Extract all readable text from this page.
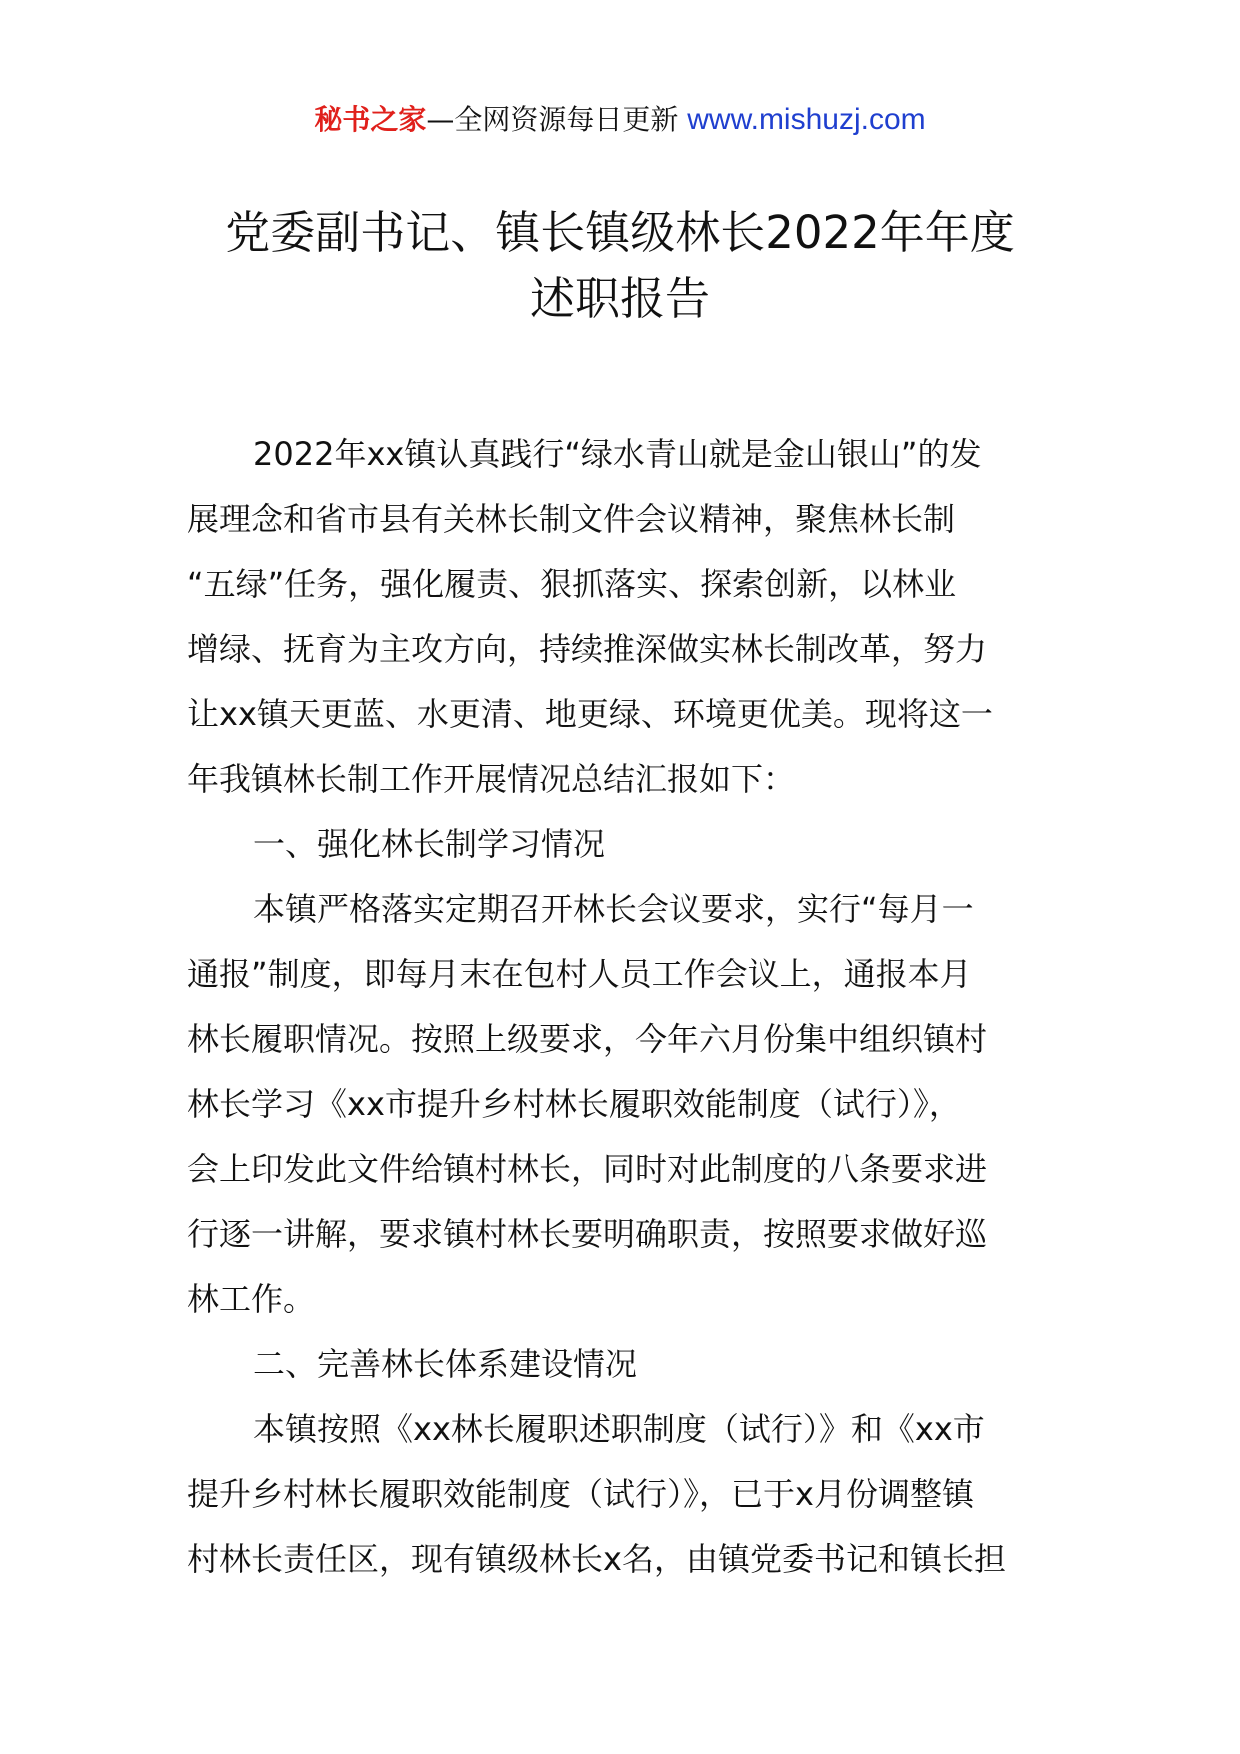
秘书之家—全网资源每日更新 www.mishuzj.com
党委副书记、镇长镇级林长2022年年度
述职报告
2022年xx镇认真践行“绿水青山就是金山银山”的发
展理念和省市县有关林长制文件会议精神，聚焦林长制
“五绿”任务，强化履责、狠抓落实、探索创新，以林业
增绿、抚育为主攻方向，持续推深做实林长制改革，努力
让xx镇天更蓝、水更清、地更绿、环境更优美。现将这一
年我镇林长制工作开展情况总结汇报如下：
一、强化林长制学习情况
本镇严格落实定期召开林长会议要求，实行“每月一
通报”制度，即每月末在包村人员工作会议上，通报本月
林长履职情况。按照上级要求，今年六月份集中组织镇村
林长学习《xx市提升乡村林长履职效能制度（试行）》，
会上印发此文件给镇村林长，同时对此制度的八条要求进
行逐一讲解，要求镇村林长要明确职责，按照要求做好巡
林工作。
二、完善林长体系建设情况
本镇按照《xx林长履职述职制度（试行）》和《xx市
提升乡村林长履职效能制度（试行）》，已于x月份调整镇
村林长责任区，现有镇级林长x名，由镇党委书记和镇长担
